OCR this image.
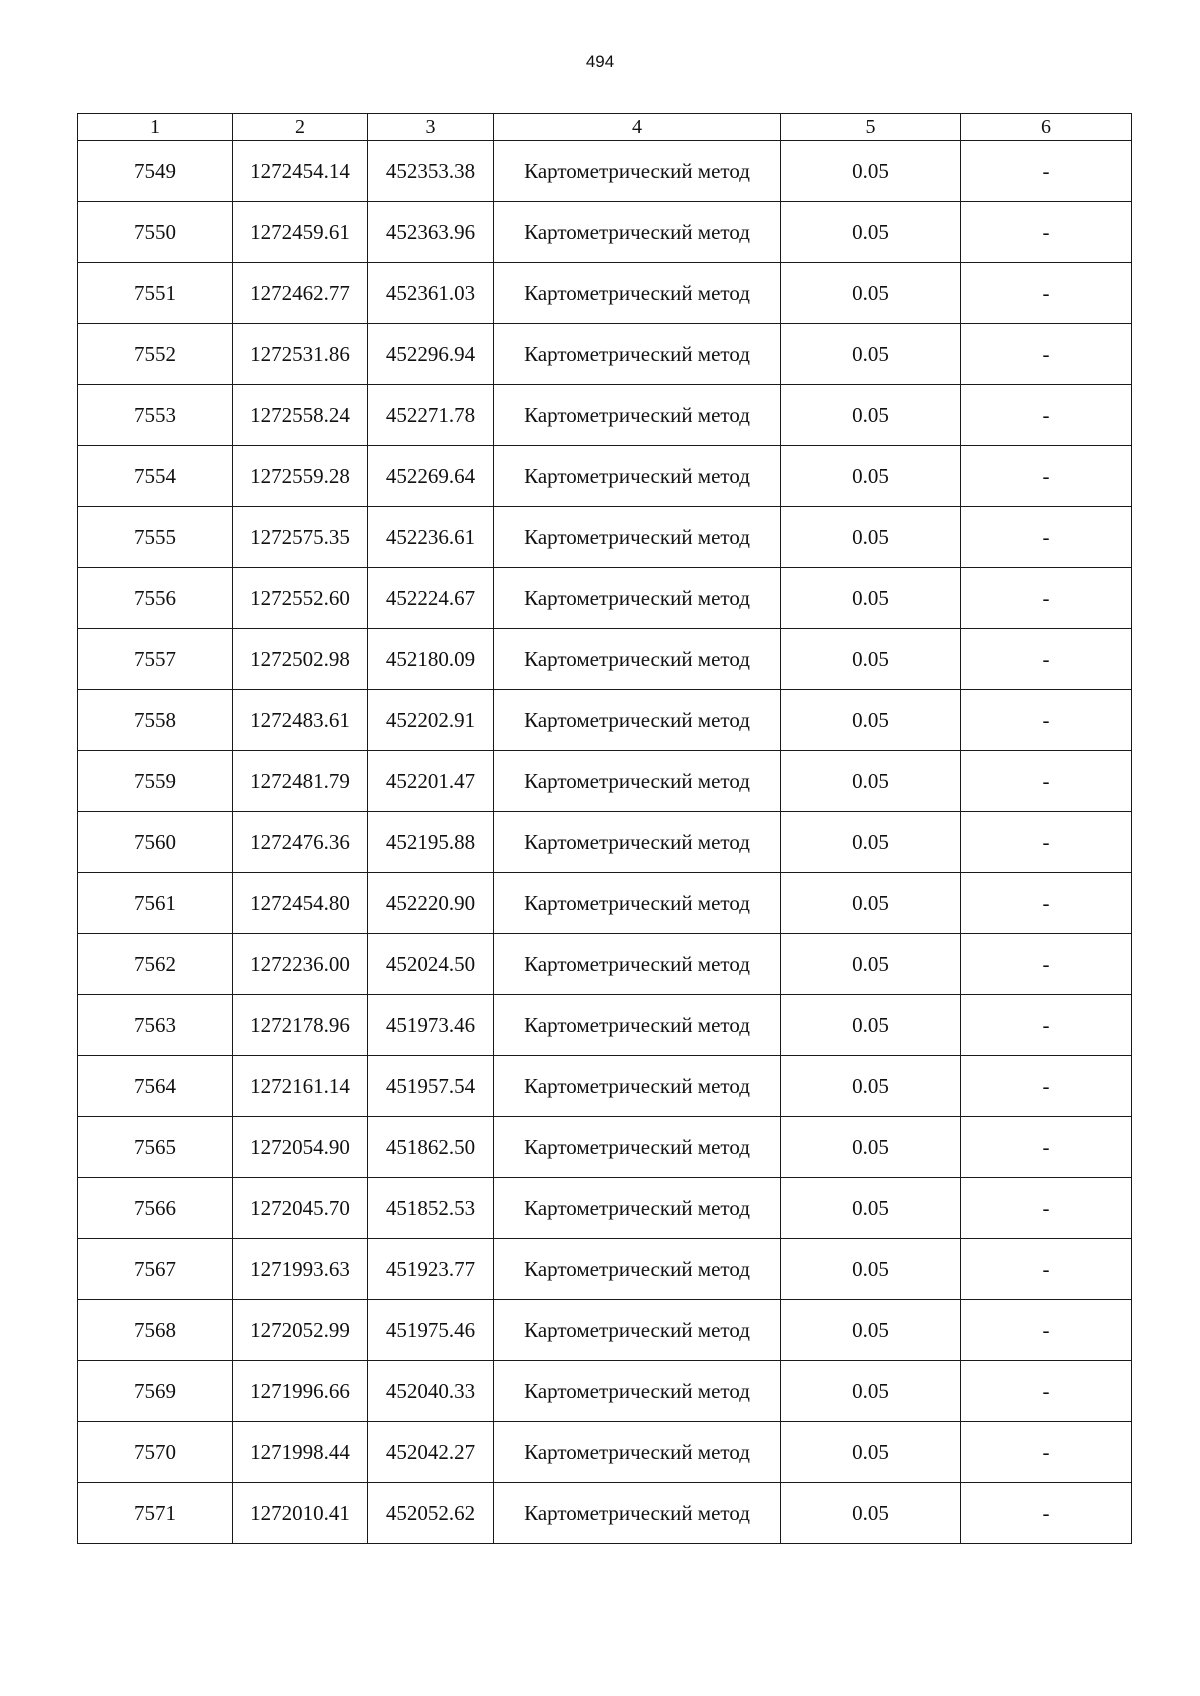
494
1	2	3	4	5	6
7549	1272454.14	452353.38	Картометрический метод	0.05	-
7550	1272459.61	452363.96	Картометрический метод	0.05	-
7551	1272462.77	452361.03	Картометрический метод	0.05	-
7552	1272531.86	452296.94	Картометрический метод	0.05	-
7553	1272558.24	452271.78	Картометрический метод	0.05	-
7554	1272559.28	452269.64	Картометрический метод	0.05	-
7555	1272575.35	452236.61	Картометрический метод	0.05	-
7556	1272552.60	452224.67	Картометрический метод	0.05	-
7557	1272502.98	452180.09	Картометрический метод	0.05	-
7558	1272483.61	452202.91	Картометрический метод	0.05	-
7559	1272481.79	452201.47	Картометрический метод	0.05	-
7560	1272476.36	452195.88	Картометрический метод	0.05	-
7561	1272454.80	452220.90	Картометрический метод	0.05	-
7562	1272236.00	452024.50	Картометрический метод	0.05	-
7563	1272178.96	451973.46	Картометрический метод	0.05	-
7564	1272161.14	451957.54	Картометрический метод	0.05	-
7565	1272054.90	451862.50	Картометрический метод	0.05	-
7566	1272045.70	451852.53	Картометрический метод	0.05	-
7567	1271993.63	451923.77	Картометрический метод	0.05	-
7568	1272052.99	451975.46	Картометрический метод	0.05	-
7569	1271996.66	452040.33	Картометрический метод	0.05	-
7570	1271998.44	452042.27	Картометрический метод	0.05	-
7571	1272010.41	452052.62	Картометрический метод	0.05	-
